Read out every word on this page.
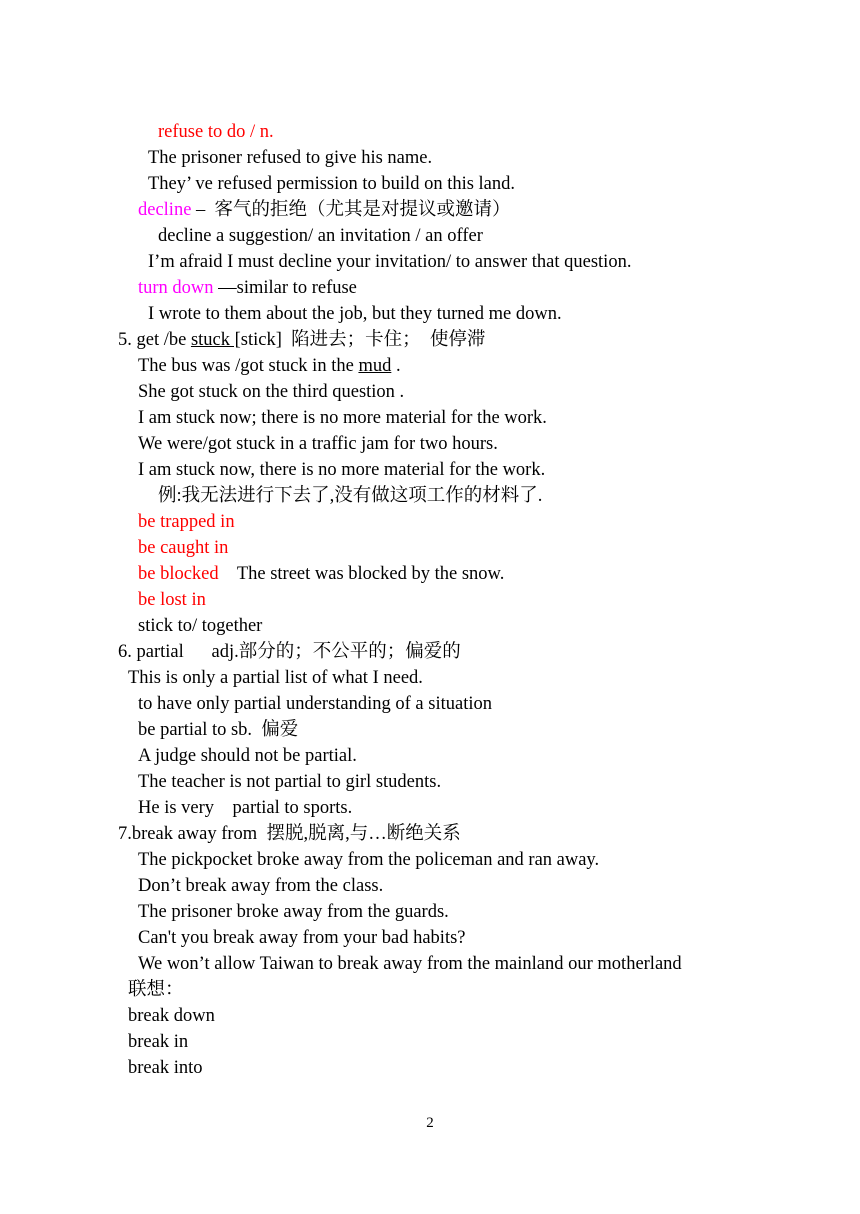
refuse to do / n.
The prisoner refused to give his name.
They’ ve refused permission to build on this land.
decline –  客气的拒绝（尤其是对提议或邀请）
decline a suggestion/ an invitation / an offer
I’m afraid I must decline your invitation/ to answer that question.
turn down —similar to refuse
I wrote to them about the job, but they turned me down.
5. get /be stuck [stick]  陷进去；卡住；  使停滞
The bus was /got stuck in the mud .
She got stuck on the third question .
I am stuck now; there is no more material for the work.
We were/got stuck in a traffic jam for two hours.
I am stuck now, there is no more material for the work.
例:我无法进行下去了,没有做这项工作的材料了.
be trapped in
be caught in
be blocked    The street was blocked by the snow.
be lost in
stick to/ together
6. partial      adj.部分的；不公平的；偏爱的
This is only a partial list of what I need.
to have only partial understanding of a situation
be partial to sb.  偏爱
A judge should not be partial.
The teacher is not partial to girl students.
He is very    partial to sports.
7.break away from  摆脱,脱离,与…断绝关系
The pickpocket broke away from the policeman and ran away.
Don’t break away from the class.
The prisoner broke away from the guards.
Can't you break away from your bad habits?
We won’t allow Taiwan to break away from the mainland our motherland
联想：
break down
break in
break into
2
